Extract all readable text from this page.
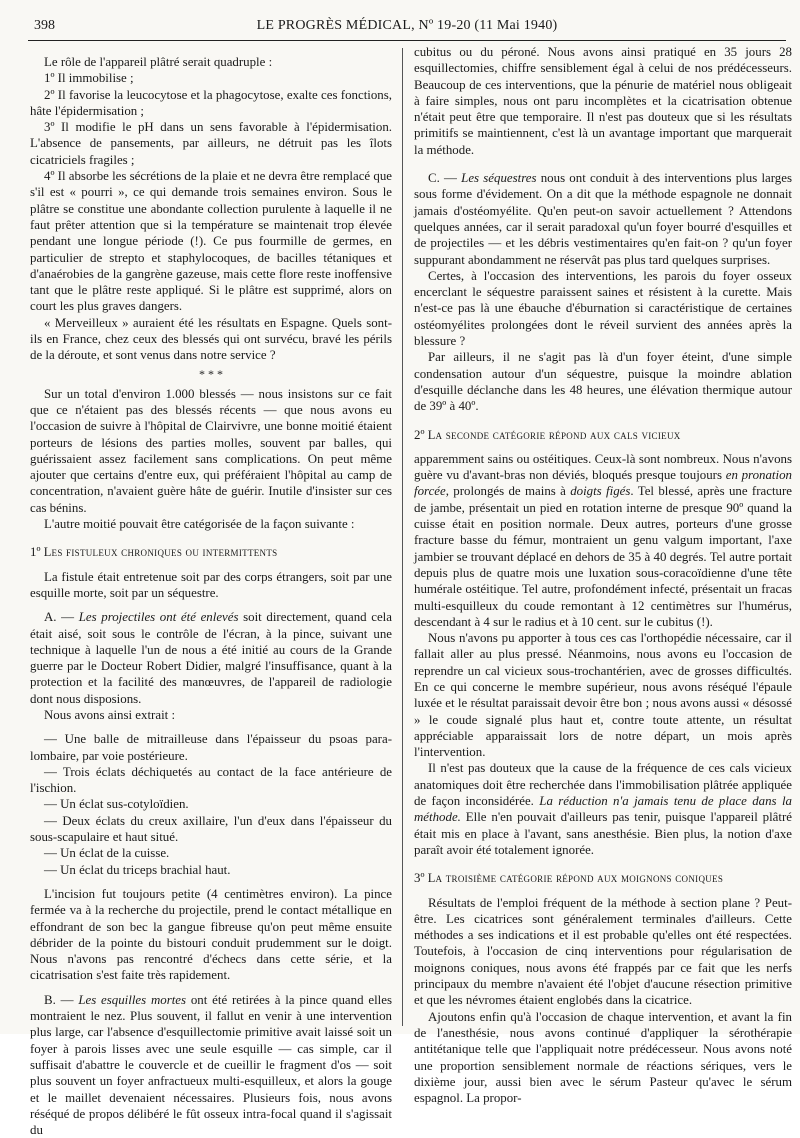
398	LE PROGRÈS MÉDICAL, Nº 19-20 (11 Mai 1940)

Le rôle de l'appareil plâtré serait quadruple :

1º Il immobilise ;

2º Il favorise la leucocytose et la phagocytose, exalte ces fonctions, hâte l'épidermisation ;

3º Il modifie le pH dans un sens favorable à l'épidermisation. L'absence de pansements, par ailleurs, ne détruit pas les îlots cicatriciels fragiles ;

4º Il absorbe les sécrétions de la plaie et ne devra être remplacé que s'il est « pourri », ce qui demande trois semaines environ. Sous le plâtre se constitue une abondante collection purulente à laquelle il ne faut prêter attention que si la température se maintenait trop élevée pendant une longue période (!). Ce pus fourmille de germes, en particulier de strepto et staphylocoques, de bacilles tétaniques et d'anaérobies de la gangrène gazeuse, mais cette flore reste inoffensive tant que le plâtre reste appliqué. Si le plâtre est supprimé, alors on court les plus graves dangers.

« Merveilleux » auraient été les résultats en Espagne. Quels sont-ils en France, chez ceux des blessés qui ont survécu, bravé les périls de la déroute, et sont venus dans notre service ?

* * *

Sur un total d'environ 1.000 blessés — nous insistons sur ce fait que ce n'étaient pas des blessés récents — que nous avons eu l'occasion de suivre à l'hôpital de Clairvivre, une bonne moitié étaient porteurs de lésions des parties molles, souvent par balles, qui guérissaient assez facilement sans complications. On peut même ajouter que certains d'entre eux, qui préféraient l'hôpital au camp de concentration, n'avaient guère hâte de guérir. Inutile d'insister sur ces cas bénins.

L'autre moitié pouvait être catégorisée de la façon suivante :

1º Les fistuleux chroniques ou intermittents

La fistule était entretenue soit par des corps étrangers, soit par une esquille morte, soit par un séquestre.

A. — Les projectiles ont été enlevés soit directement, quand cela était aisé, soit sous le contrôle de l'écran, à la pince, suivant une technique à laquelle l'un de nous a été initié au cours de la Grande guerre par le Docteur Robert Didier, malgré l'insuffisance, quant à la protection et la facilité des manœuvres, de l'appareil de radiologie dont nous disposions.

Nous avons ainsi extrait :

— Une balle de mitrailleuse dans l'épaisseur du psoas para-lombaire, par voie postérieure.

— Trois éclats déchiquetés au contact de la face antérieure de l'ischion.

— Un éclat sus-cotyloïdien.

— Deux éclats du creux axillaire, l'un d'eux dans l'épaisseur du sous-scapulaire et haut situé.

— Un éclat de la cuisse.

— Un éclat du triceps brachial haut.

L'incision fut toujours petite (4 centimètres environ). La pince fermée va à la recherche du projectile, prend le contact métallique en effondrant de son bec la gangue fibreuse qu'on peut même ensuite débrider de la pointe du bistouri conduit prudemment sur le doigt. Nous n'avons pas rencontré d'échecs dans cette série, et la cicatrisation s'est faite très rapidement.

B. — Les esquilles mortes ont été retirées à la pince quand elles montraient le nez. Plus souvent, il fallut en venir à une intervention plus large, car l'absence d'esquillectomie primitive avait laissé soit un foyer à parois lisses avec une seule esquille — cas simple, car il suffisait d'abattre le couvercle et de cueillir le fragment d'os — soit plus souvent un foyer anfractueux multi-esquilleux, et alors la gouge et le maillet devenaient nécessaires. Plusieurs fois, nous avons réséqué de propos délibéré le fût osseux intra-focal quand il s'agissait du

cubitus ou du péroné. Nous avons ainsi pratiqué en 35 jours 28 esquillectomies, chiffre sensiblement égal à celui de nos prédécesseurs. Beaucoup de ces interventions, que la pénurie de matériel nous obligeait à faire simples, nous ont paru incomplètes et la cicatrisation obtenue n'était peut être que temporaire. Il n'est pas douteux que si les résultats primitifs se maintiennent, c'est là un avantage important que marquerait la méthode.

C. — Les séquestres nous ont conduit à des interventions plus larges sous forme d'évidement. On a dit que la méthode espagnole ne donnait jamais d'ostéomyélite. Qu'en peut-on savoir actuellement ? Attendons quelques années, car il serait paradoxal qu'un foyer bourré d'esquilles et de projectiles — et les débris vestimentaires qu'en fait-on ? qu'un foyer suppurant abondamment ne réservât pas plus tard quelques surprises.

Certes, à l'occasion des interventions, les parois du foyer osseux encerclant le séquestre paraissent saines et résistent à la curette. Mais n'est-ce pas là une ébauche d'éburnation si caractéristique de certaines ostéomyélites prolongées dont le réveil survient des années après la blessure ?

Par ailleurs, il ne s'agit pas là d'un foyer éteint, d'une simple condensation autour d'un séquestre, puisque la moindre ablation d'esquille déclanche dans les 48 heures, une élévation thermique autour de 39º à 40º.

2º La seconde catégorie répond aux cals vicieux

apparemment sains ou ostéitiques. Ceux-là sont nombreux. Nous n'avons guère vu d'avant-bras non déviés, bloqués presque toujours en pronation forcée, prolongés de mains à doigts figés. Tel blessé, après une fracture de jambe, présentait un pied en rotation interne de presque 90º quand la cuisse était en position normale. Deux autres, porteurs d'une grosse fracture basse du fémur, montraient un genu valgum important, l'axe jambier se trouvant déplacé en dehors de 35 à 40 degrés. Tel autre portait depuis plus de quatre mois une luxation sous-coracoïdienne d'une tête humérale ostéitique. Tel autre, profondément infecté, présentait un fracas multi-esquilleux du coude remontant à 12 centimètres sur l'humérus, descendant à 4 sur le radius et à 10 cent. sur le cubitus (!).

Nous n'avons pu apporter à tous ces cas l'orthopédie nécessaire, car il fallait aller au plus pressé. Néanmoins, nous avons eu l'occasion de reprendre un cal vicieux sous-trochantérien, avec de grosses difficultés. En ce qui concerne le membre supérieur, nous avons réséqué l'épaule luxée et le résultat paraissait devoir être bon ; nous avons aussi « désossé » le coude signalé plus haut et, contre toute attente, un résultat appréciable apparaissait lors de notre départ, un mois après l'intervention.

Il n'est pas douteux que la cause de la fréquence de ces cals vicieux anatomiques doit être recherchée dans l'immobilisation plâtrée appliquée de façon inconsidérée. La réduction n'a jamais tenu de place dans la méthode. Elle n'en pouvait d'ailleurs pas tenir, puisque l'appareil plâtré était mis en place à l'avant, sans anesthésie. Bien plus, la notion d'axe paraît avoir été totalement ignorée.

3º La troisième catégorie répond aux moignons coniques

Résultats de l'emploi fréquent de la méthode à section plane ? Peut-être. Les cicatrices sont généralement terminales d'ailleurs. Cette méthodes a ses indications et il est probable qu'elles ont été respectées. Toutefois, à l'occasion de cinq interventions pour régularisation de moignons coniques, nous avons été frappés par ce fait que les nerfs principaux du membre n'avaient été l'objet d'aucune résection primitive et que les névromes étaient englobés dans la cicatrice.

Ajoutons enfin qu'à l'occasion de chaque intervention, et avant la fin de l'anesthésie, nous avons continué d'appliquer la sérothérapie antitétanique telle que l'appliquait notre prédécesseur. Nous avons noté une proportion sensiblement normale de réactions sériques, vers le dixième jour, aussi bien avec le sérum Pasteur qu'avec le sérum espagnol. La propor-
